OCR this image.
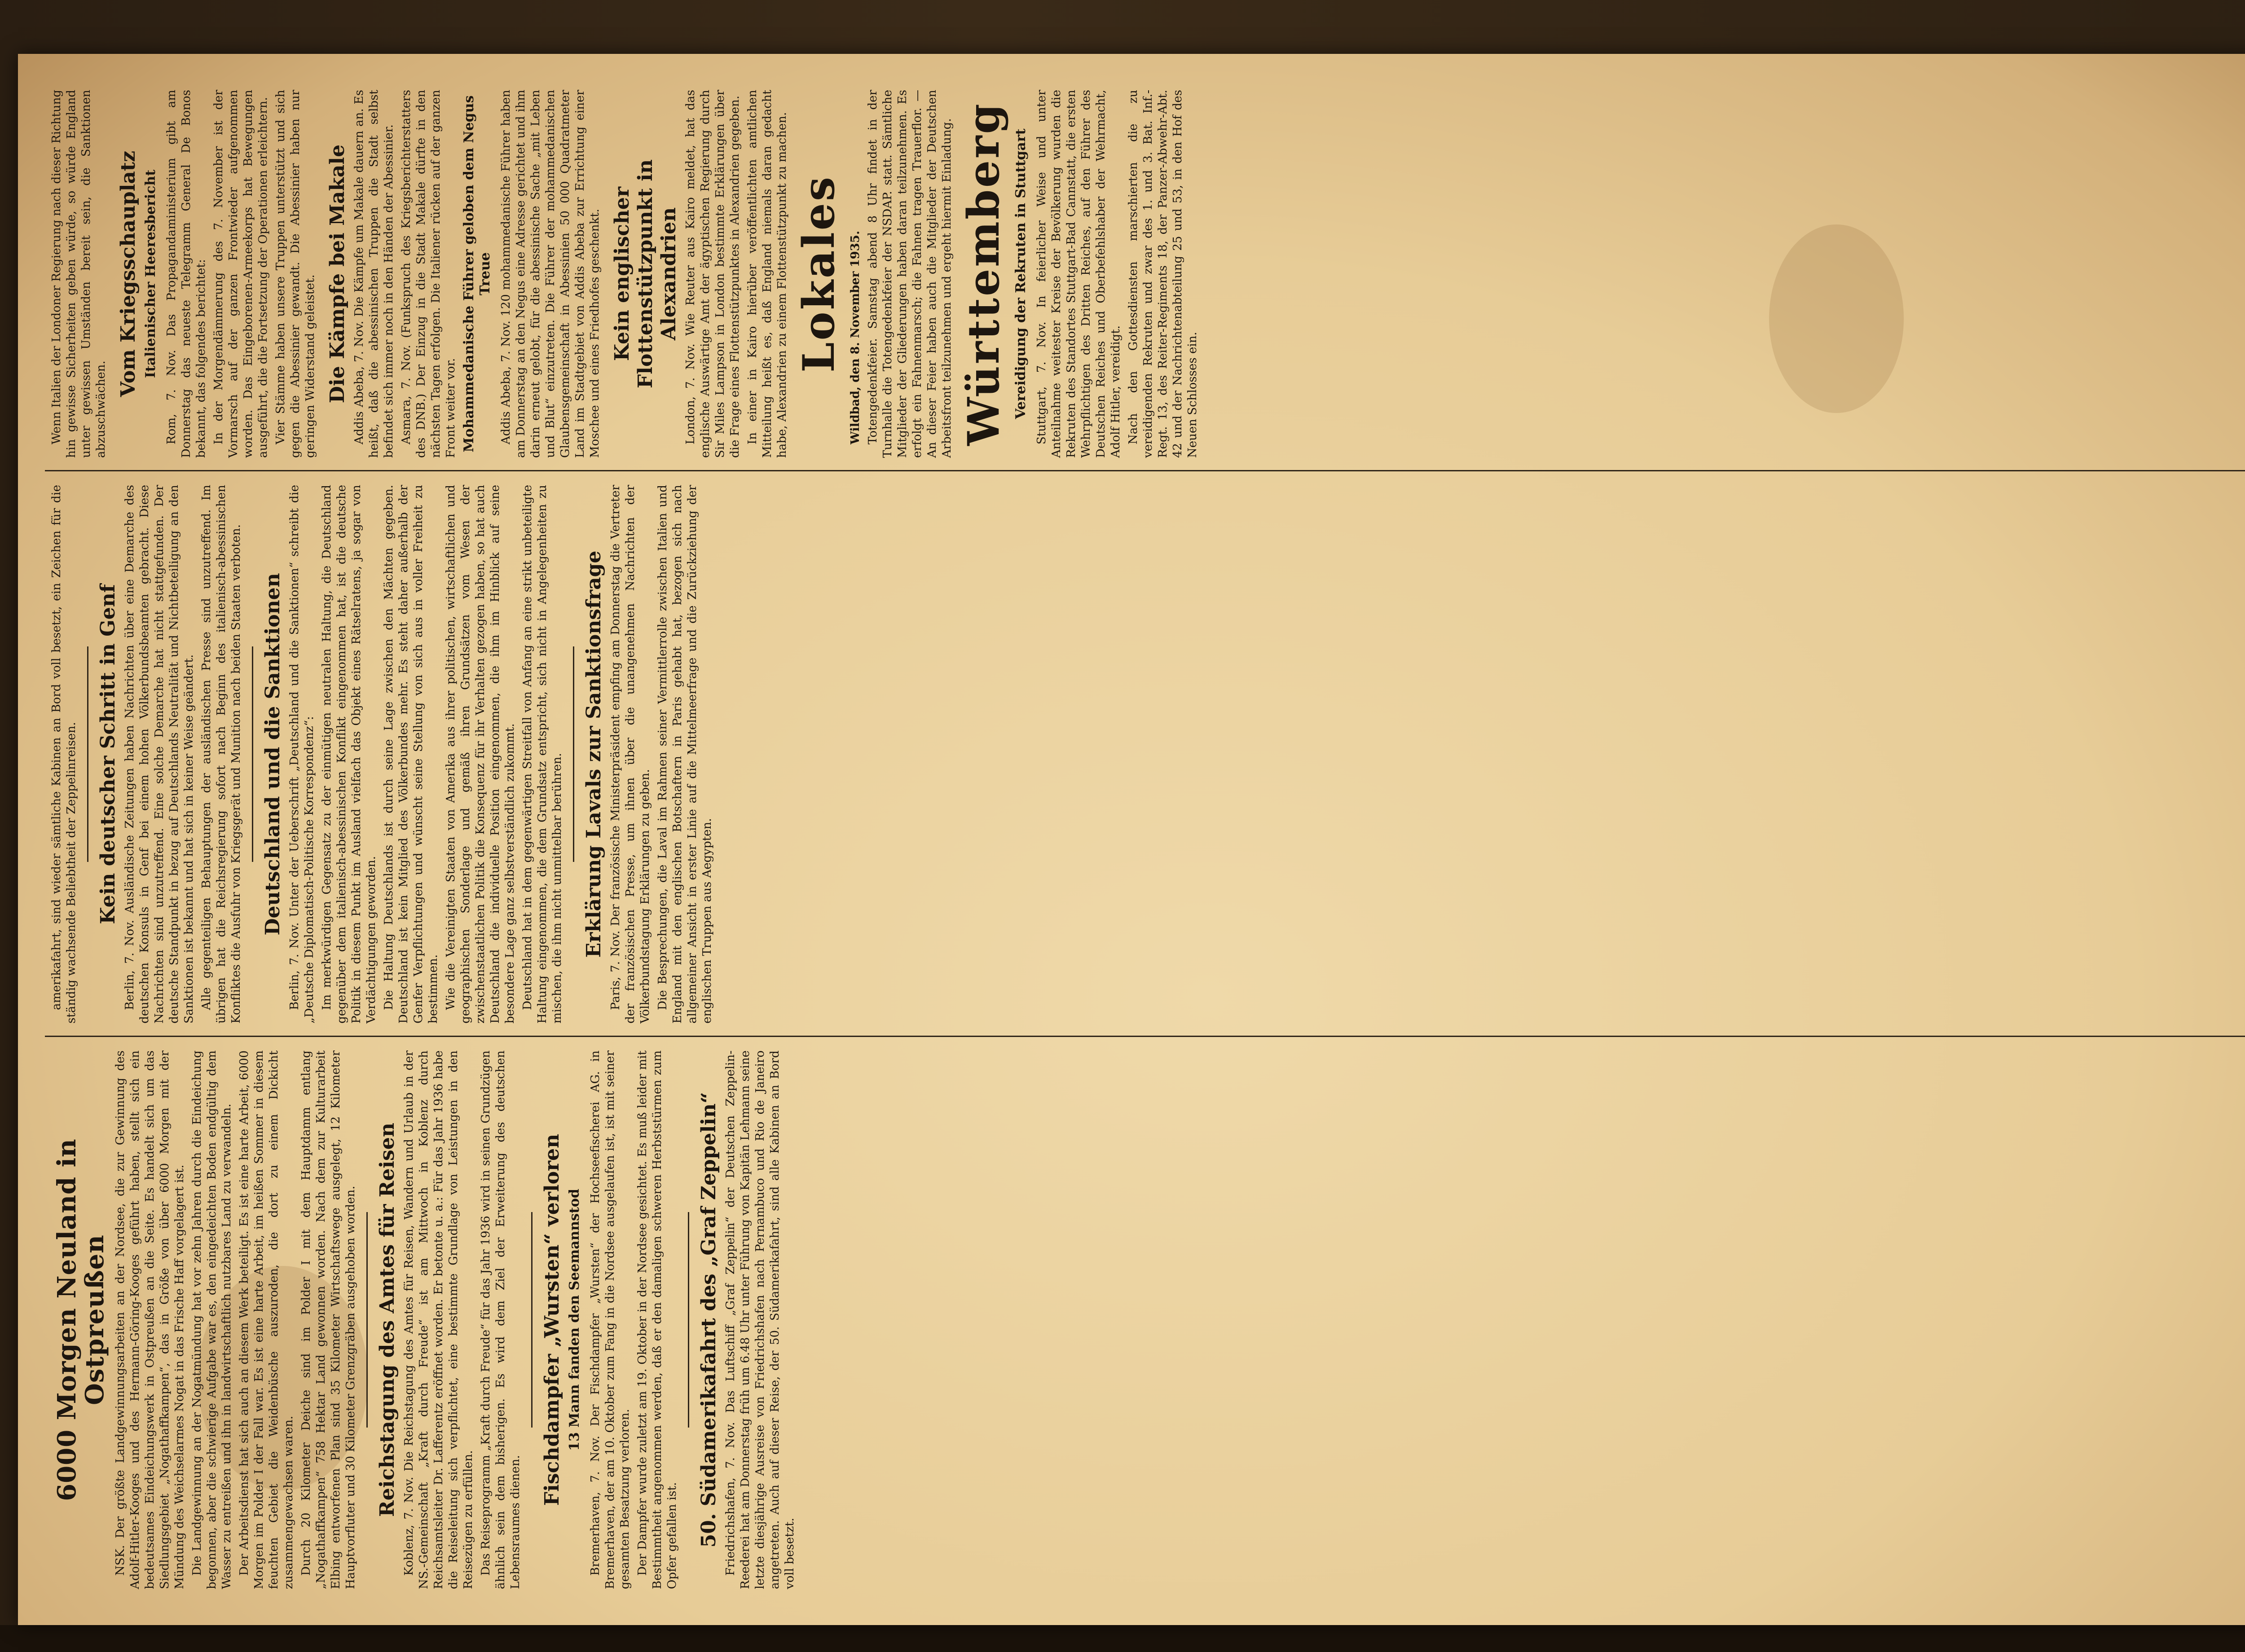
6000 Morgen Neuland in Ostpreußen NSK. Der größte Landgewinnungsarbeiten an der Nordsee, die zur Gewinnung des Adolf-Hitler-Kooges und des Hermann-Göring-Kooges geführt haben, stellt sich ein bedeutsames Eindeichungswerk in Ostpreußen an die Seite. Es handelt sich um das Siedlungsgebiet „Nogathaffkampen“, das in Größe von über 6000 Morgen mit der Mündung des Weichselarmes Nogat in das Frische Haff vorgelagert ist. Die Landgewinnung an der Nogatmündung hat vor zehn Jahren durch die Eindeichung begonnen, aber die schwierige Aufgabe war es, den eingedeichten Boden endgültig dem Wasser zu entreißen und ihn in landwirtschaftlich nutzbares Land zu verwandeln. Der Arbeitsdienst hat sich auch an diesem Werk beteiligt. Es ist eine harte Arbeit, 6000 Morgen im Polder I der Fall war. Es ist eine harte Arbeit, im heißen Sommer in diesem feuchten Gebiet die Weidenbüsche auszuroden, die dort zu einem Dickicht zusammengewachsen waren. Durch 20 Kilometer Deiche sind im Polder I mit dem Hauptdamm entlang „Nogathaffkampen“ 758 Hektar Land gewonnen worden. Nach dem zur Kulturarbeit Elbing entworfenen Plan sind 35 Kilometer Wirtschaftswege ausgelegt, 12 Kilometer Hauptvorfluter und 30 Kilometer Grenzgräben ausgehoben worden. Reichstagung des Amtes für Reisen Koblenz, 7. Nov. Die Reichstagung des Amtes für Reisen, Wandern und Urlaub in der NS.-Gemeinschaft „Kraft durch Freude“ ist am Mittwoch in Koblenz durch Reichsamtsleiter Dr. Lafferentz eröffnet worden. Er betonte u. a.: Für das Jahr 1936 habe die Reiseleitung sich verpflichtet, eine bestimmte Grundlage von Leistungen in den Reisezügen zu erfüllen. Das Reiseprogramm „Kraft durch Freude“ für das Jahr 1936 wird in seinen Grundzügen ähnlich sein dem bisherigen. Es wird dem Ziel der Erweiterung des deutschen Lebensraumes dienen.

Fischdampfer „Wursten“ verloren 13 Mann fanden den Seemannstod Bremerhaven, 7. Nov. Der Fischdampfer „Wursten“ der Hochseefischerei AG. in Bremerhaven, der am 10. Oktober zum Fang in die Nordsee ausgelaufen ist, ist mit seiner gesamten Besatzung verloren. Der Dampfer wurde zuletzt am 19. Oktober in der Nordsee gesichtet. Es muß leider mit Bestimmtheit angenommen werden, daß er den damaligen schweren Herbststürmen zum Opfer gefallen ist. 50. Südamerikafahrt des „Graf Zeppelin“ Friedrichshafen, 7. Nov. Das Luftschiff „Graf Zeppelin“ der Deutschen Zeppelin-Reederei hat am Donnerstag früh um 6.48 Uhr unter Führung von Kapitän Lehmann seine letzte diesjährige Ausreise von Friedrichshafen nach Pernambuco und Rio de Janeiro angetreten. Auch auf dieser Reise, der 50. Südamerikafahrt, sind alle Kabinen an Bord voll besetzt.

amerikafahrt, sind wieder sämtliche Kabinen an Bord voll besetzt, ein Zeichen für die ständig wachsende Beliebtheit der Zeppelinreisen. Kein deutscher Schritt in Genf Berlin, 7. Nov. Ausländische Zeitungen haben Nachrichten über eine Demarche des deutschen Konsuls in Genf bei einem hohen Völkerbundsbeamten gebracht. Diese Nachrichten sind unzutreffend. Eine solche Demarche hat nicht stattgefunden. Der deutsche Standpunkt in bezug auf Deutschlands Neutralität und Nichtbeteiligung an den Sanktionen ist bekannt und hat sich in keiner Weise geändert. Alle gegenteiligen Behauptungen der ausländischen Presse sind unzutreffend. Im übrigen hat die Reichsregierung sofort nach Beginn des italienisch-abessinischen Konfliktes die Ausfuhr von Kriegsgerät und Munition nach beiden Staaten verboten. Deutschland und die Sanktionen Berlin, 7. Nov. Unter der Ueberschrift „Deutschland und die Sanktionen“ schreibt die „Deutsche Diplomatisch-Politische Korrespondenz“: Im merkwürdigen Gegensatz zu der einmütigen neutralen Haltung, die Deutschland gegenüber dem italienisch-abessinischen Konflikt eingenommen hat, ist die deutsche Politik in diesem Punkt im Ausland vielfach das Objekt eines Rätselratens, ja sogar von Verdächtigungen geworden. Die Haltung Deutschlands ist durch seine Lage zwischen den Mächten gegeben. Deutschland ist kein Mitglied des Völkerbundes mehr. Es steht daher außerhalb der Genfer Verpflichtungen und wünscht seine Stellung von sich aus in voller Freiheit zu bestimmen. Wie die Vereinigten Staaten von Amerika aus ihrer politischen, wirtschaftlichen und geographischen Sonderlage und gemäß ihren Grundsätzen vom Wesen der zwischenstaatlichen Politik die Konsequenz für ihr Verhalten gezogen haben, so hat auch Deutschland die individuelle Position eingenommen, die ihm im Hinblick auf seine besondere Lage ganz selbstverständlich zukommt. Deutschland hat in dem gegenwärtigen Streitfall von Anfang an eine strikt unbeteiligte Haltung eingenommen, die dem Grundsatz entspricht, sich nicht in Angelegenheiten zu mischen, die ihm nicht unmittelbar berühren. Erklärung Lavals zur Sanktionsfrage Paris, 7. Nov. Der französische Ministerpräsident empfing am Donnerstag die Vertreter der französischen Presse, um ihnen über die unangenehmen Nachrichten der Völkerbundstagung Erklärungen zu geben. Die Besprechungen, die Laval im Rahmen seiner Vermittlerrolle zwischen Italien und England mit den englischen Botschaftern in Paris gehabt hat, bezogen sich nach allgemeiner Ansicht in erster Linie auf die Mittelmeerfrage und die Zurückziehung der englischen Truppen aus Aegypten.

Wenn Italien der Londoner Regierung nach dieser Richtung hin gewisse Sicherheiten geben würde, so würde England unter gewissen Umständen bereit sein, die Sanktionen abzuschwächen.

Vom Kriegsschauplatz Italienischer Heeresbericht Rom, 7. Nov. Das Propagandaministerium gibt am Donnerstag das neueste Telegramm General De Bonos bekannt, das folgendes berichtet: In der Morgendämmerung des 7. November ist der Vormarsch auf der ganzen Frontwieder aufgenommen worden. Das Eingeborenen-Armeekorps hat Bewegungen ausgeführt, die die Fortsetzung der Operationen erleichtern. Vier Stämme haben unsere Truppen unterstützt und sich gegen die Abessinier gewandt. Die Abessinier haben nur geringen Widerstand geleistet. Die Kämpfe bei Makale Addis Abeba, 7. Nov. Die Kämpfe um Makale dauern an. Es heißt, daß die abessinischen Truppen die Stadt selbst befindet sich immer noch in den Händen der Abessinier. Asmara, 7. Nov. (Funkspruch des Kriegsberichterstatters des DNB.) Der Einzug in die Stadt Makale dürfte in den nächsten Tagen erfolgen. Die Italiener rücken auf der ganzen Front weiter vor. Mohammedanische Führer geloben dem Negus Treue Addis Abeba, 7. Nov. 120 mohammedanische Führer haben am Donnerstag an den Negus eine Adresse gerichtet und ihm darin erneut gelobt, für die abessinische Sache „mit Leben und Blut“ einzutreten. Die Führer der mohammedanischen Glaubensgemeinschaft in Abessinien 50 000 Quadratmeter Land im Stadtgebiet von Addis Abeba zur Errichtung einer Moschee und eines Friedhofes geschenkt. Kein englischer Flottenstützpunkt in Alexandrien London, 7. Nov. Wie Reuter aus Kairo meldet, hat das englische Auswärtige Amt der ägyptischen Regierung durch Sir Miles Lampson in London bestimmte Erklärungen über die Frage eines Flottenstützpunktes in Alexandrien gegeben. In einer in Kairo hierüber veröffentlichten amtlichen Mitteilung heißt es, daß England niemals daran gedacht habe, Alexandrien zu einem Flottenstützpunkt zu machen. Lokales Wildbad, den 8. November 1935. Totengedenkfeier. Samstag abend 8 Uhr findet in der Turnhalle die Totengedenkfeier der NSDAP. statt. Sämtliche Mitglieder der Gliederungen haben daran teilzunehmen. Es erfolgt ein Fahnenmarsch; die Fahnen tragen Trauerflor. — An dieser Feier haben auch die Mitglieder der Deutschen Arbeitsfront teilzunehmen und ergeht hiermit Einladung. Württemberg Vereidigung der Rekruten in Stuttgart Stuttgart, 7. Nov. In feierlicher Weise und unter Anteilnahme weitester Kreise der Bevölkerung wurden die Rekruten des Standortes Stuttgart-Bad Cannstatt, die ersten Wehrpflichtigen des Dritten Reiches, auf den Führer des Deutschen Reiches und Oberbefehlshaber der Wehrmacht, Adolf Hitler, vereidigt. Nach den Gottesdiensten marschierten die zu vereidigenden Rekruten und zwar des 1. und 3. Bat. Inf.-Regt. 13, des Reiter-Regiments 18, der Panzer-Abwehr-Abt. 42 und der Nachrichtenabteilung 25 und 53, in den Hof des Neuen Schlosses ein.
